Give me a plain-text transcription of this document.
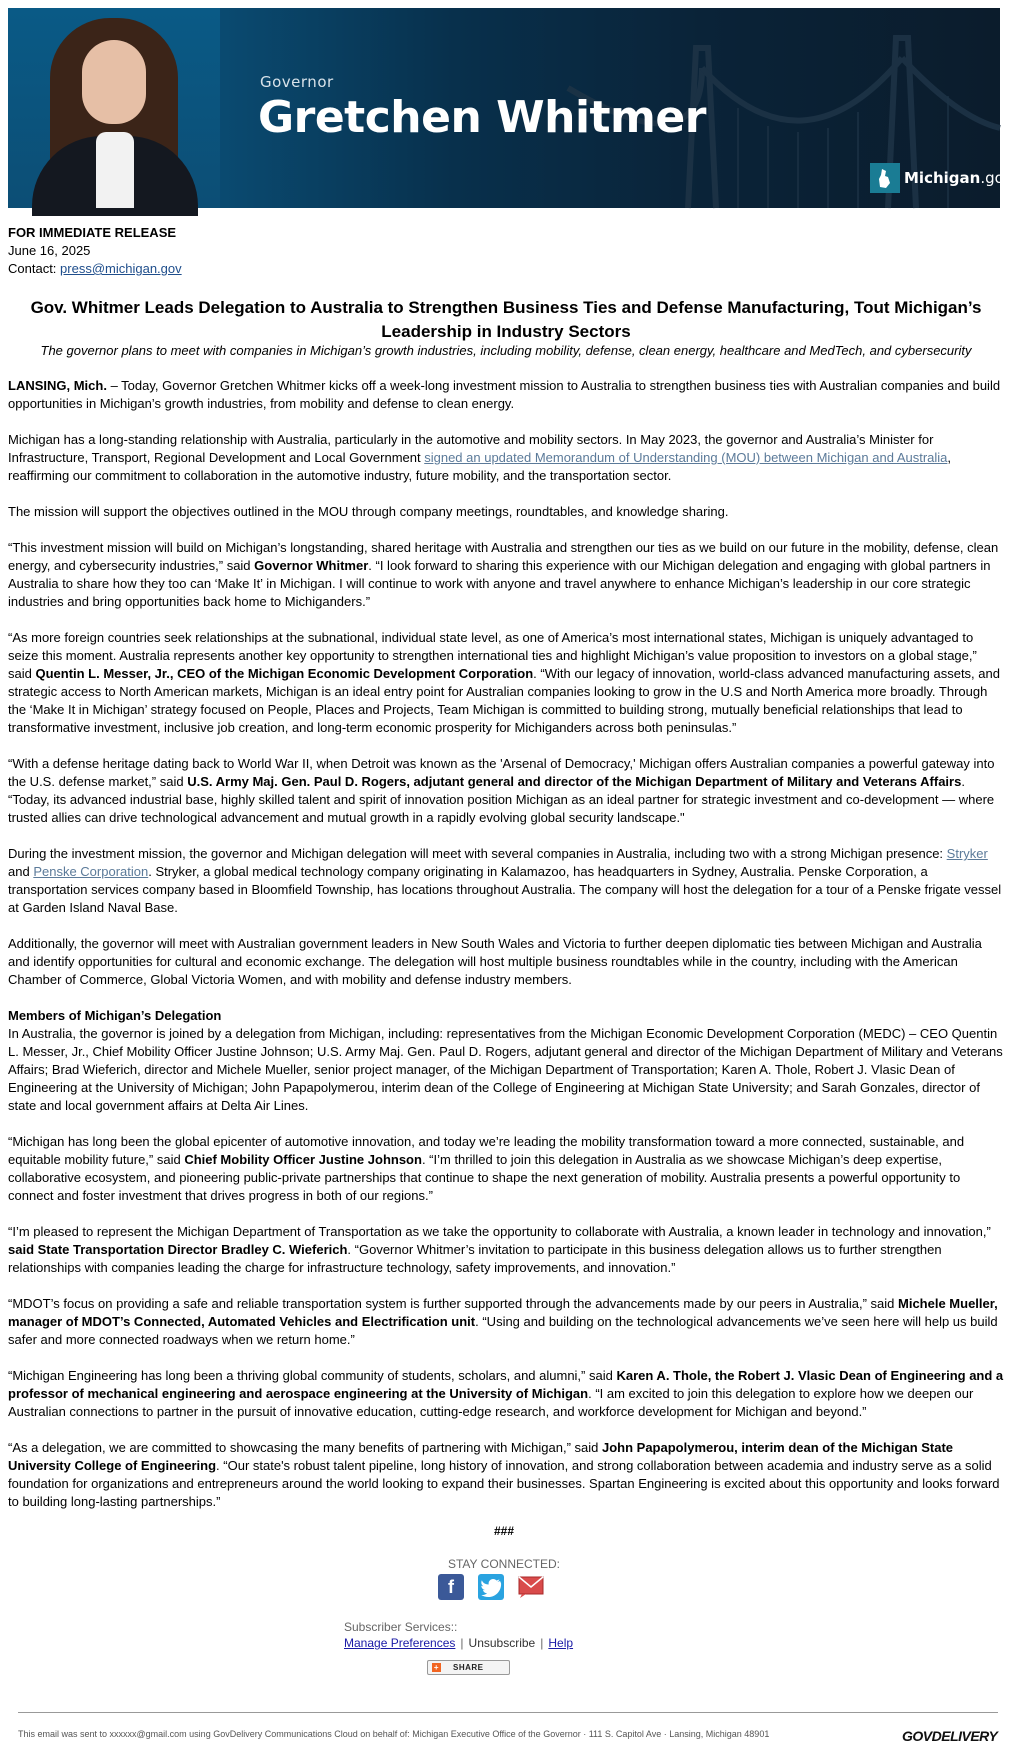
Governor
Gretchen Whitmer
Michigan.gov
FOR IMMEDIATE RELEASE
June 16, 2025
Contact: press@michigan.gov
Gov. Whitmer Leads Delegation to Australia to Strengthen Business Ties and Defense Manufacturing, Tout Michigan’s Leadership in Industry Sectors
The governor plans to meet with companies in Michigan’s growth industries, including mobility, defense, clean energy, healthcare and MedTech, and cybersecurity

LANSING, Mich. – Today, Governor Gretchen Whitmer kicks off a week-long investment mission to Australia to strengthen business ties with Australian companies and build opportunities in Michigan’s growth industries, from mobility and defense to clean energy.

Michigan has a long-standing relationship with Australia, particularly in the automotive and mobility sectors. In May 2023, the governor and Australia’s Minister for Infrastructure, Transport, Regional Development and Local Government signed an updated Memorandum of Understanding (MOU) between Michigan and Australia, reaffirming our commitment to collaboration in the automotive industry, future mobility, and the transportation sector.

The mission will support the objectives outlined in the MOU through company meetings, roundtables, and knowledge sharing.

“This investment mission will build on Michigan’s longstanding, shared heritage with Australia and strengthen our ties as we build on our future in the mobility, defense, clean energy, and cybersecurity industries,” said Governor Whitmer. “I look forward to sharing this experience with our Michigan delegation and engaging with global partners in Australia to share how they too can ‘Make It’ in Michigan. I will continue to work with anyone and travel anywhere to enhance Michigan’s leadership in our core strategic industries and bring opportunities back home to Michiganders.”

“As more foreign countries seek relationships at the subnational, individual state level, as one of America’s most international states, Michigan is uniquely advantaged to seize this moment. Australia represents another key opportunity to strengthen international ties and highlight Michigan’s value proposition to investors on a global stage,” said Quentin L. Messer, Jr., CEO of the Michigan Economic Development Corporation. “With our legacy of innovation, world-class advanced manufacturing assets, and strategic access to North American markets, Michigan is an ideal entry point for Australian companies looking to grow in the U.S and North America more broadly. Through the ‘Make It in Michigan’ strategy focused on People, Places and Projects, Team Michigan is committed to building strong, mutually beneficial relationships that lead to transformative investment, inclusive job creation, and long-term economic prosperity for Michiganders across both peninsulas.”

“With a defense heritage dating back to World War II, when Detroit was known as the 'Arsenal of Democracy,' Michigan offers Australian companies a powerful gateway into the U.S. defense market,” said U.S. Army Maj. Gen. Paul D. Rogers, adjutant general and director of the Michigan Department of Military and Veterans Affairs. “Today, its advanced industrial base, highly skilled talent and spirit of innovation position Michigan as an ideal partner for strategic investment and co-development — where trusted allies can drive technological advancement and mutual growth in a rapidly evolving global security landscape."

During the investment mission, the governor and Michigan delegation will meet with several companies in Australia, including two with a strong Michigan presence: Stryker and Penske Corporation. Stryker, a global medical technology company originating in Kalamazoo, has headquarters in Sydney, Australia. Penske Corporation, a transportation services company based in Bloomfield Township, has locations throughout Australia. The company will host the delegation for a tour of a Penske frigate vessel at Garden Island Naval Base.

Additionally, the governor will meet with Australian government leaders in New South Wales and Victoria to further deepen diplomatic ties between Michigan and Australia and identify opportunities for cultural and economic exchange. The delegation will host multiple business roundtables while in the country, including with the American Chamber of Commerce, Global Victoria Women, and with mobility and defense industry members.

Members of Michigan’s Delegation
In Australia, the governor is joined by a delegation from Michigan, including: representatives from the Michigan Economic Development Corporation (MEDC) – CEO Quentin L. Messer, Jr., Chief Mobility Officer Justine Johnson; U.S. Army Maj. Gen. Paul D. Rogers, adjutant general and director of the Michigan Department of Military and Veterans Affairs; Brad Wieferich, director and Michele Mueller, senior project manager, of the Michigan Department of Transportation; Karen A. Thole, Robert J. Vlasic Dean of Engineering at the University of Michigan; John Papapolymerou, interim dean of the College of Engineering at Michigan State University; and Sarah Gonzales, director of state and local government affairs at Delta Air Lines.

“Michigan has long been the global epicenter of automotive innovation, and today we’re leading the mobility transformation toward a more connected, sustainable, and equitable mobility future,” said Chief Mobility Officer Justine Johnson. “I’m thrilled to join this delegation in Australia as we showcase Michigan’s deep expertise, collaborative ecosystem, and pioneering public-private partnerships that continue to shape the next generation of mobility. Australia presents a powerful opportunity to connect and foster investment that drives progress in both of our regions.”

“I’m pleased to represent the Michigan Department of Transportation as we take the opportunity to collaborate with Australia, a known leader in technology and innovation,” said State Transportation Director Bradley C. Wieferich. “Governor Whitmer’s invitation to participate in this business delegation allows us to further strengthen relationships with companies leading the charge for infrastructure technology, safety improvements, and innovation.”

“MDOT’s focus on providing a safe and reliable transportation system is further supported through the advancements made by our peers in Australia,” said Michele Mueller, manager of MDOT’s Connected, Automated Vehicles and Electrification unit. “Using and building on the technological advancements we’ve seen here will help us build safer and more connected roadways when we return home.”

“Michigan Engineering has long been a thriving global community of students, scholars, and alumni,” said Karen A. Thole, the Robert J. Vlasic Dean of Engineering and a professor of mechanical engineering and aerospace engineering at the University of Michigan. “I am excited to join this delegation to explore how we deepen our Australian connections to partner in the pursuit of innovative education, cutting-edge research, and workforce development for Michigan and beyond.”

“As a delegation, we are committed to showcasing the many benefits of partnering with Michigan,” said John Papapolymerou, interim dean of the Michigan State University College of Engineering. “Our state's robust talent pipeline, long history of innovation, and strong collaboration between academia and industry serve as a solid foundation for organizations and entrepreneurs around the world looking to expand their businesses. Spartan Engineering is excited about this opportunity and looks forward to building long-lasting partnerships.”

###
STAY CONNECTED:
f
Subscriber Services::
Manage Preferences | Unsubscribe | Help
+ SHARE
This email was sent to xxxxxx@gmail.com using GovDelivery Communications Cloud on behalf of: Michigan Executive Office of the Governor · 111 S. Capitol Ave · Lansing, Michigan 48901	GOVDELIVERY
